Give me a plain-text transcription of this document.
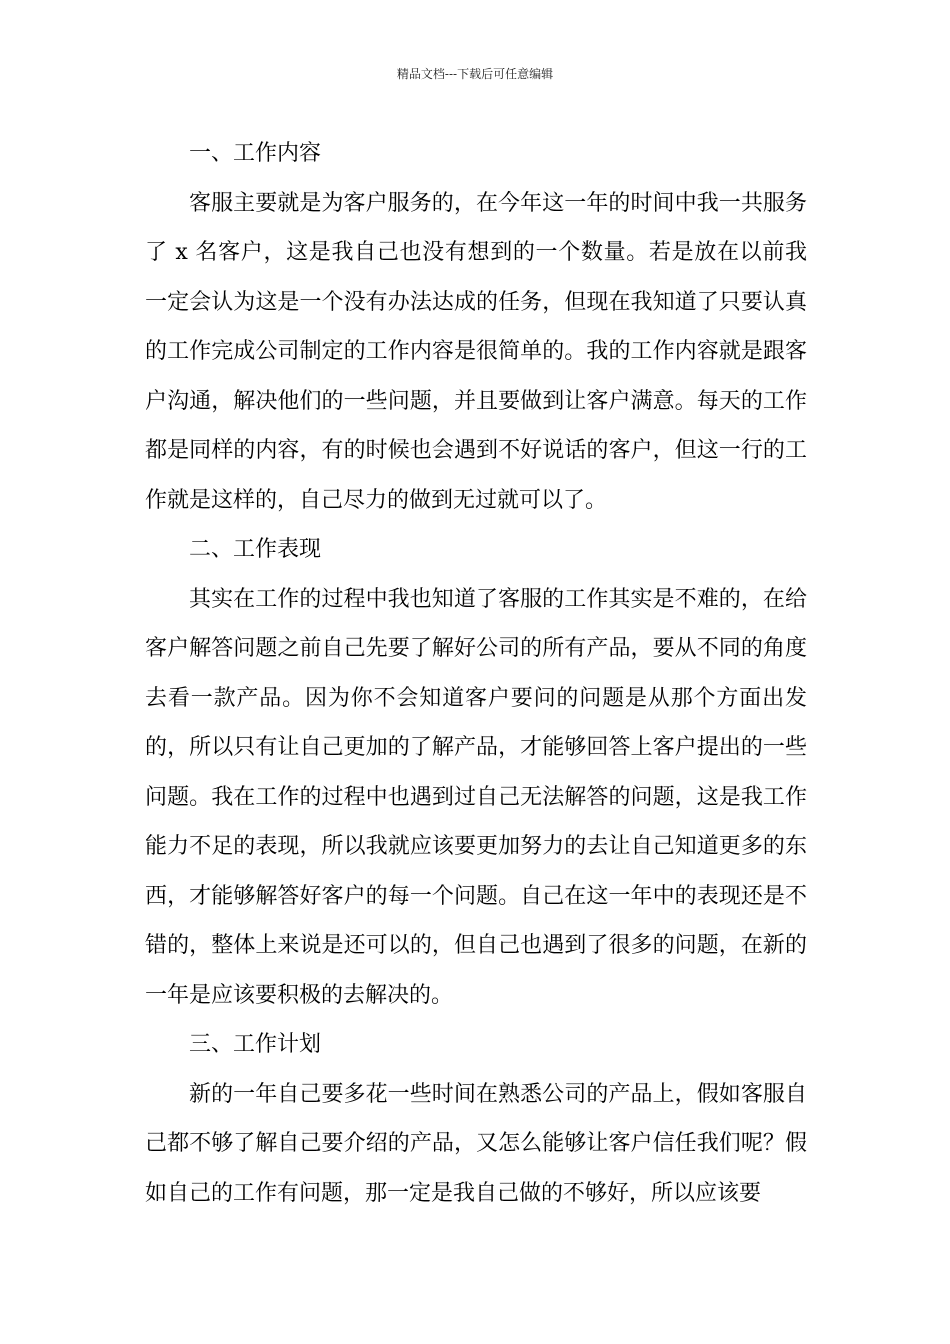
精品文档---下载后可任意编辑

一、工作内容

客服主要就是为客户服务的，在今年这一年的时间中我一共服务了 x 名客户，这是我自己也没有想到的一个数量。若是放在以前我一定会认为这是一个没有办法达成的任务，但现在我知道了只要认真的工作完成公司制定的工作内容是很简单的。我的工作内容就是跟客户沟通，解决他们的一些问题，并且要做到让客户满意。每天的工作都是同样的内容，有的时候也会遇到不好说话的客户，但这一行的工作就是这样的，自己尽力的做到无过就可以了。

二、工作表现

其实在工作的过程中我也知道了客服的工作其实是不难的，在给客户解答问题之前自己先要了解好公司的所有产品，要从不同的角度去看一款产品。因为你不会知道客户要问的问题是从那个方面出发的，所以只有让自己更加的了解产品，才能够回答上客户提出的一些问题。我在工作的过程中也遇到过自己无法解答的问题，这是我工作能力不足的表现，所以我就应该要更加努力的去让自己知道更多的东西，才能够解答好客户的每一个问题。自己在这一年中的表现还是不错的，整体上来说是还可以的，但自己也遇到了很多的问题，在新的一年是应该要积极的去解决的。

三、工作计划

新的一年自己要多花一些时间在熟悉公司的产品上，假如客服自己都不够了解自己要介绍的产品，又怎么能够让客户信任我们呢？假如自己的工作有问题，那一定是我自己做的不够好，所以应该要
